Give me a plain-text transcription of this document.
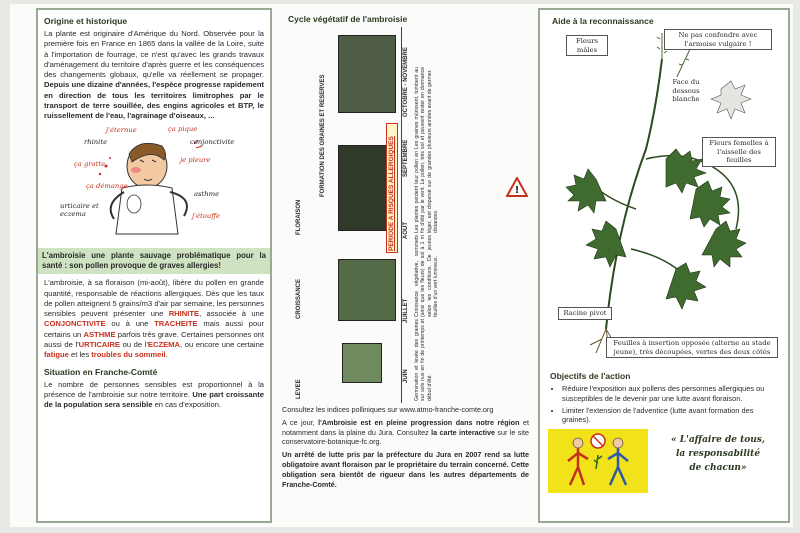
Origine et historique

La plante est originaire d'Amérique du Nord. Observée pour la première fois en France en 1865 dans la vallée de la Loire, suite à l'importation de fourrage, ce n'est qu'avec les grands travaux d'aménagement du territoire d'après guerre et les conséquences des changements globaux, qu'elle va réellement se propager. Depuis une dizaine d'années, l'espèce progresse rapidement en direction de tous les territoires limitrophes par le transport de terre souillée, des engins agricoles et BTP, le ruissellement de l'eau, l'agrainage d'oiseaux, ...

j'éternue	ça pique
rhinite	conjonctivite
ça gratte	je pleure
ça démange
urticaire et eczema
asthme
j'étouffe

L'ambroisie une plante sauvage problématique pour la santé : son pollen provoque de graves allergies!

L'ambroisie, à sa floraison (mi-août), libère du pollen en grande quantité, responsable de réactions allergiques. Dès que les taux de pollen atteignent 5 grains/m3 d'air par semaine, les personnes sensibles peuvent présenter une RHINITE, associée à une CONJONCTIVITE ou à une TRACHEITE mais aussi pour certains un ASTHME parfois très grave. Certaines personnes ont aussi de l'URTICAIRE ou de l'ECZEMA, ou encore une certaine fatigue et les troubles du sommeil.

Situation en Franche-Comté

Le nombre de personnes sensibles est proportionnel à la présence de l'ambroisie sur notre territoire. Une part croissante de la population sera sensible en cas d'exposition.

Cycle végétatif de l'ambroisie
LEVEE
CROISSANCE
FLORAISON
FORMATION DES GRAINES ET RESERVES
JUIN
JUILLET
AOUT
SEPTEMBRE
OCTOBRE - NOVEMBRE
PERIODE A RISQUES ALLERGIQUES
Germination et levée des graines sur sols nus en fin de printemps et début d'été.
Croissance végétative, sommets (ainsi que les fleurs) de sol à 1 m selon les conditions. De jeunes feuilles d'un vert lumineux.
Les plantes perdent leur pollen en fin d'été par le vent. Le pollen, très léger, est dispersé sur de grandes distances.
Les graines mûrissent, tombent au sol et peuvent rester en dormance plusieurs années avant de germer.
!

Consultez les indices polliniques sur www.atmo-franche-comte.org

A ce jour, l'Ambroisie est en pleine progression dans notre région et notamment dans la plaine du Jura. Consultez la carte interactive sur le site conservatoire-botanique-fc.org.

Un arrêté de lutte pris par la préfecture du Jura en 2007 rend sa lutte obligatoire avant floraison par le propriétaire du terrain concerné. Cette obligation sera bientôt de rigueur dans les autres départements de Franche-Comté.

Aide à la reconnaissance
Fleurs mâles
Ne pas confondre avec l'armoise vulgaire !
Face du dessous blanche
Fleurs femelles à l'aisselle des feuilles
Racine pivot
Feuilles à insertion opposée (alterne au stade jeune), très découpées, vertes des deux côtés
Objectifs de l'action
• Réduire l'exposition aux pollens des personnes allergiques ou susceptibles de le devenir par une lutte avant floraison.
• Limiter l'extension de l'adventice (lutte avant formation des graines).

« L'affaire de tous,

la responsabilité

de chacun»
